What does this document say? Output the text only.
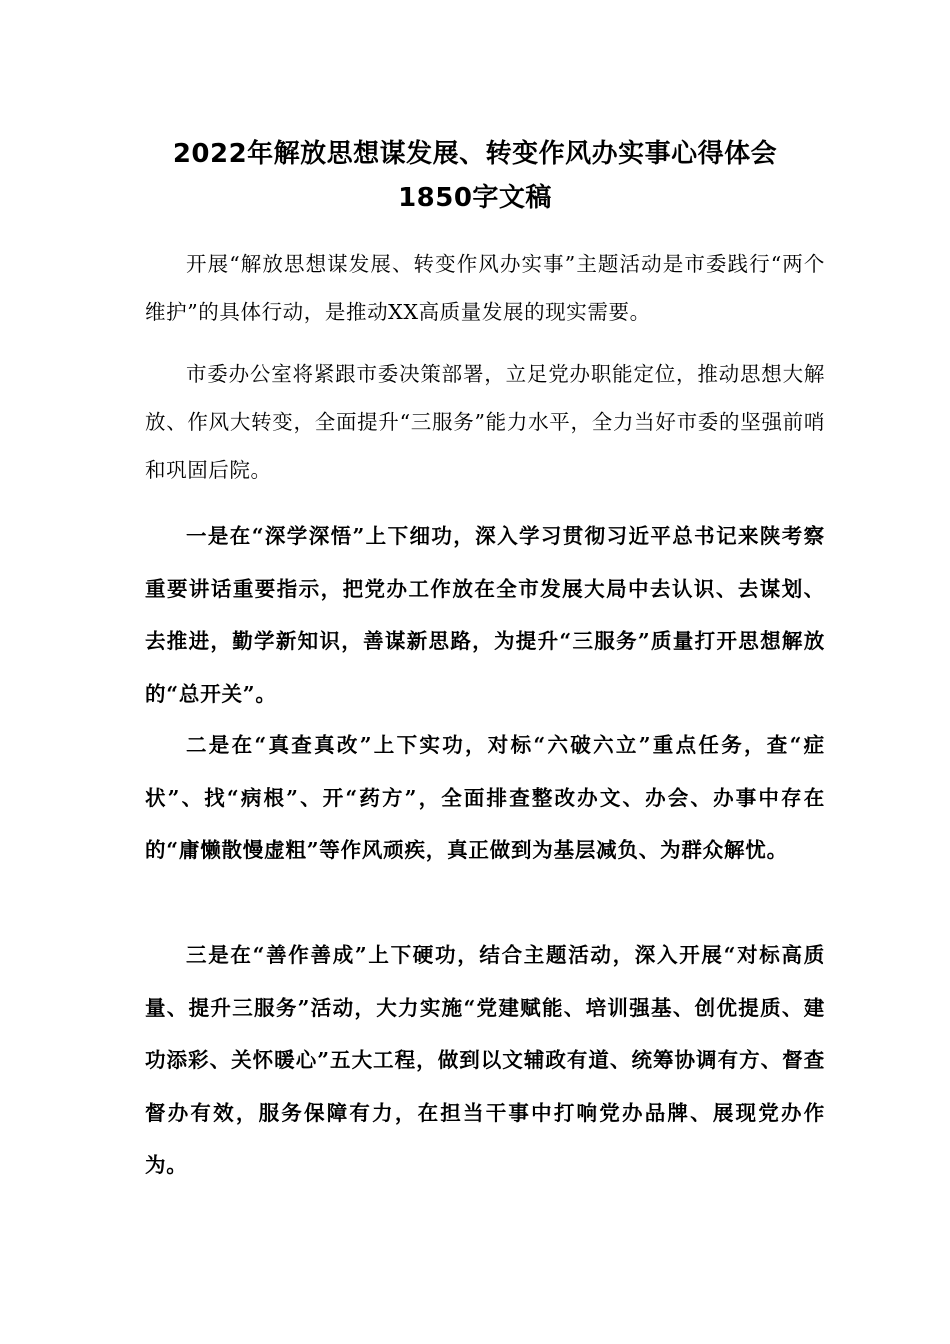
2022年解放思想谋发展、转变作风办实事心得体会
1850字文稿

开展“解放思想谋发展、转变作风办实事”主题活动是市委践行“两个维护”的具体行动，是推动XX高质量发展的现实需要。

市委办公室将紧跟市委决策部署，立足党办职能定位，推动思想大解放、作风大转变，全面提升“三服务”能力水平，全力当好市委的坚强前哨和巩固后院。

一是在“深学深悟”上下细功，深入学习贯彻习近平总书记来陕考察重要讲话重要指示，把党办工作放在全市发展大局中去认识、去谋划、去推进，勤学新知识，善谋新思路，为提升“三服务”质量打开思想解放的“总开关”。

二是在“真查真改”上下实功，对标“六破六立”重点任务，查“症状”、找“病根”、开“药方”，全面排查整改办文、办会、办事中存在的“庸懒散慢虚粗”等作风顽疾，真正做到为基层减负、为群众解忧。

三是在“善作善成”上下硬功，结合主题活动，深入开展“对标高质量、提升三服务”活动，大力实施“党建赋能、培训强基、创优提质、建功添彩、关怀暖心”五大工程，做到以文辅政有道、统筹协调有方、督查督办有效，服务保障有力，在担当干事中打响党办品牌、展现党办作为。
